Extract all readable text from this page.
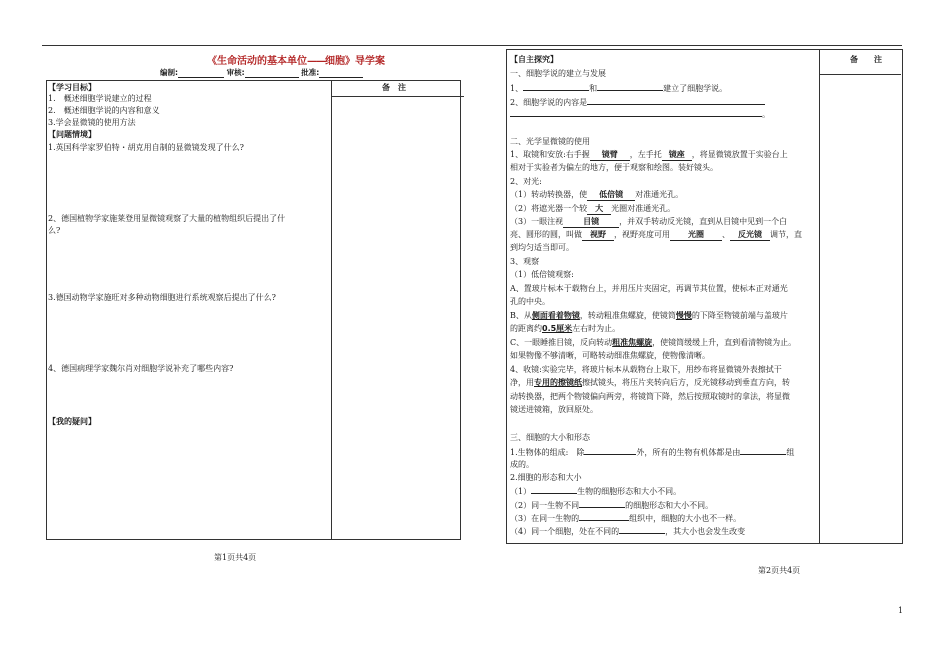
《生命活动的基本单位——细胞》导学案
编制:	审核:	批准:
备　注
【学习目标】
1.　概述细胞学说建立的过程
2.　概述细胞学说的内容和意义
3.学会显微镜的使用方法
【问题情境】
1.英国科学家罗伯特・胡克用自制的显微镜发现了什么?
2、德国植物学家施莱登用显微镜观察了大量的植物组织后提出了什
么?
3.德国动物学家施旺对多种动物细胞进行系统观察后提出了什么?
4、德国病理学家魏尔肖对细胞学说补充了哪些内容?
【我的疑问】
第1页共4页
备　　注
【自主探究】
一、细胞学说的建立与发展
1、	和	建立了细胞学说。
2、细胞学说的内容是
。
二、光学显微镜的使用
1、取镜和安放:右手握 镜臂 ，左手托 镜座 ，将显微镜放置于实验台上
相对于实验者为偏左的地方，便于观察和绘图。装好镜头。
2、对光:
（1）转动转换器，使 低倍镜 对准通光孔。
（2）将遮光器一个较 大 光圈对准通光孔。
（3）一眼注视	目镜	，并双手转动反光镜，直到从目镜中见到一个白
亮、圆形的圆，叫做 视野 ，视野亮度可用 光圈 、 反光镜 调节，直
到均匀适当即可。
3、观察
（1）低倍镜观察:
A、置玻片标本于载物台上，并用压片夹固定，再调节其位置，使标本正对通光
孔的中央。
B、从侧面看着物镜，转动粗准焦螺旋，使镜筒慢慢的下降至物镜前端与盖玻片
的距离约0.5厘米左右时为止。
C、一眼睡推目镜，反向转动粗准焦螺旋，使镜筒缓缓上升，直到看清物镜为止。
如果物像不够清晰，可略转动细准焦螺旋，使物像清晰。
4、收镜:实验完毕，将玻片标本从载物台上取下，用纱布将显微镜外表擦拭干
净，用专用的擦镜纸擦拭镜头，将压片夹转向后方，反光镜移动到垂直方向，转
动转换器，把两个物镜偏向两旁，将镜筒下降，然后按照取镜时的拿法，将显微
镜送进镜箱，放回原处。
三、细胞的大小和形态
1.生物体的组成:　除	外，所有的生物有机体都是由	组
成的。
2.细胞的形态和大小
（1）	生物的细胞形态和大小不同。
（2）同一生物不同	的细胞形态和大小不同。
（3）在同一生物的	组织中，细胞的大小也不一样。
（4）同一个细胞，处在不同的	，其大小也会发生改变
第2页共4页
1
